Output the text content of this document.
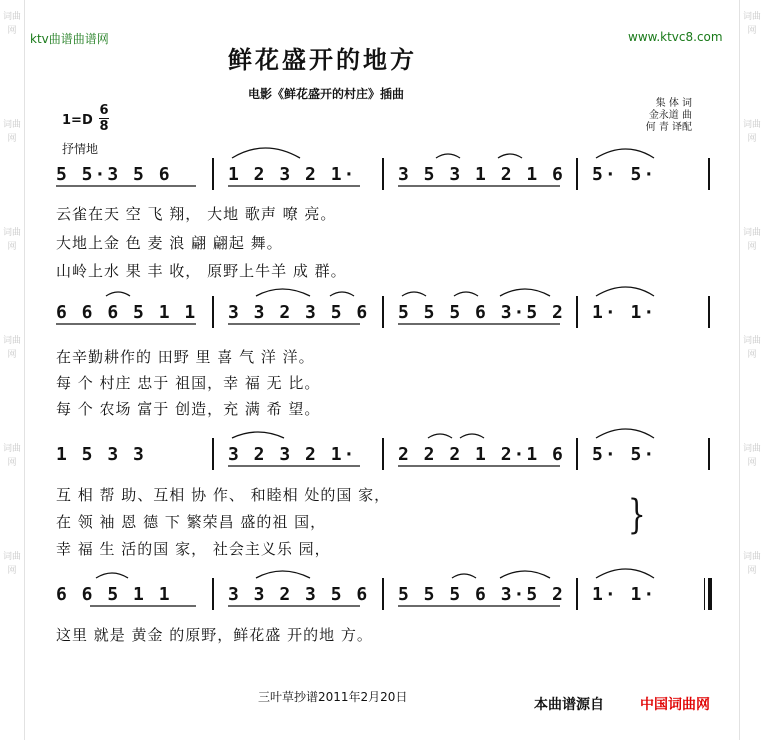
词曲网
词曲网
词曲网
词曲网
词曲网
词曲网
词曲网
词曲网
词曲网
词曲网
词曲网
词曲网
ktv曲谱曲谱网	www.ktvc8.com
鲜花盛开的地方
电影《鲜花盛开的村庄》插曲
集 体 词
金永道 曲
何 青 译配
$1=D \frac{6}{8}$
抒情地
5 5·3 5 6	1 2 3 2 1· 3 5 3 1 2 1 6 5· 5·
云雀在天 空 飞 翔， 大地 歌声 嘹 亮。
大地上金 色 麦 浪 翩 翩起 舞。
山岭上水 果 丰 收， 原野上牛羊 成 群。
6 6 6 5 1 1 3 3 2 3 5 6 5 5 5 6 3·5 2 1· 1·
在辛勤耕作的 田野 里 喜 气 洋 洋。
每 个 村庄 忠于 祖国，幸 福 无 比。
每 个 农场 富于 创造，充 满 希 望。
1 5 3 3	3 2 3 2 1· 2 2 2 1 2·1 6 5· 5·
互 相 帮 助、互相 协 作、 和睦相 处的国 家，
在 领 袖 恩 德 下 繁荣昌 盛的祖 国，
幸 福 生 活的国 家， 社会主义乐 园，
}
6 6 5 1 1	3 3 2 3 5 6 5 5 5 6 3·5 2 1· 1·
这里 就是 黄金 的原野，鲜花盛 开的地 方。
三叶草抄谱2011年2月20日	本曲谱源自	中国词曲网
